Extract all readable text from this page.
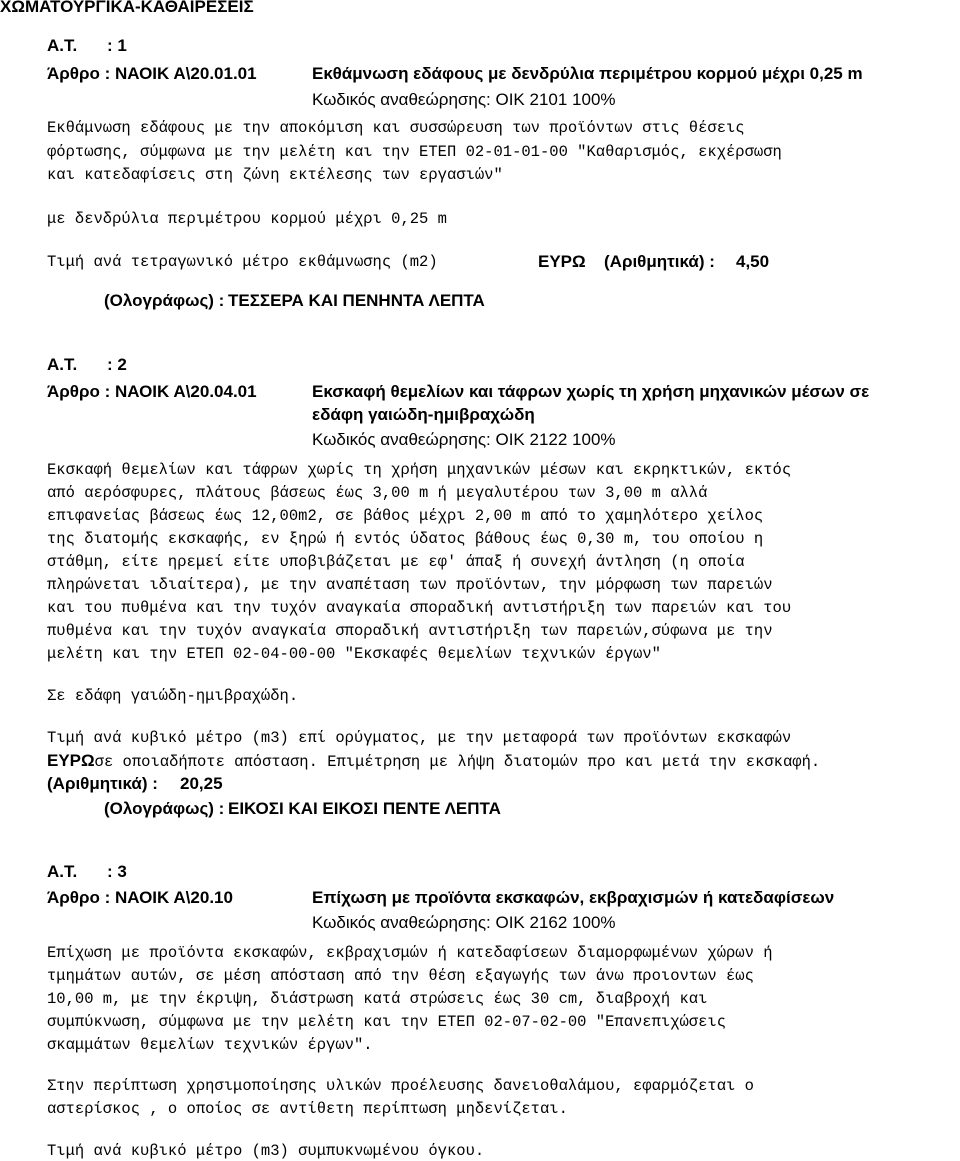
ΧΩΜΑΤΟΥΡΓΙΚΑ-ΚΑΘΑΙΡΕΣΕΙΣ
Α.Τ. : 1
Άρθρο : ΝΑΟΙΚ Α\20.01.01	Εκθάμνωση εδάφους με δενδρύλια περιμέτρου κορμού μέχρι 0,25 m
Κωδικός αναθεώρησης: ΟΙΚ 2101 100%
Εκθάμνωση εδάφους με την αποκόμιση και συσσώρευση των προϊόντων στις θέσεις
φόρτωσης, σύμφωνα με την μελέτη και την ΕΤΕΠ 02-01-01-00 "Καθαρισμός, εκχέρσωση
και κατεδαφίσεις στη ζώνη εκτέλεσης των εργασιών"
με δενδρύλια περιμέτρου κορμού μέχρι 0,25 m
Τιμή ανά τετραγωνικό μέτρο εκθάμνωσης (m2)	ΕΥΡΩ (Αριθμητικά) : 4,50
(Ολογράφως) : ΤΕΣΣΕΡΑ ΚΑΙ ΠΕΝΗΝΤΑ ΛΕΠΤΑ
Α.Τ. : 2
Άρθρο : ΝΑΟΙΚ Α\20.04.01	Εκσκαφή θεμελίων και τάφρων χωρίς τη χρήση μηχανικών μέσων σε
εδάφη γαιώδη-ημιβραχώδη
Κωδικός αναθεώρησης: ΟΙΚ 2122 100%
Εκσκαφή θεμελίων και τάφρων χωρίς τη χρήση μηχανικών μέσων και εκρηκτικών, εκτός
από αερόσφυρες, πλάτους βάσεως έως 3,00 m ή μεγαλυτέρου των 3,00 m αλλά
επιφανείας βάσεως έως 12,00m2, σε βάθος μέχρι 2,00 m από το χαμηλότερο χείλος
της διατομής εκσκαφής, εν ξηρώ ή εντός ύδατος βάθους έως 0,30 m, του οποίου η
στάθμη, είτε ηρεμεί είτε υποβιβάζεται με εφ' άπαξ ή συνεχή άντληση (η οποία
πληρώνεται ιδιαίτερα), με την αναπέταση των προϊόντων, την μόρφωση των παρειών
και του πυθμένα και την τυχόν αναγκαία σποραδική αντιστήριξη των παρειών και του
πυθμένα και την τυχόν αναγκαία σποραδική αντιστήριξη των παρειών,σύφωνα με την
μελέτη και την ΕΤΕΠ 02-04-00-00 "Εκσκαφές θεμελίων τεχνικών έργων"
Σε εδάφη γαιώδη-ημιβραχώδη.
Τιμή ανά κυβικό μέτρο (m3) επί ορύγματος, με την μεταφορά των προϊόντων εκσκαφών
ΕΥΡΩσε οποιαδήποτε απόσταση. Επιμέτρηση με λήψη διατομών προ και μετά την εκσκαφή.
(Αριθμητικά) : 20,25
(Ολογράφως) : ΕΙΚΟΣΙ ΚΑΙ ΕΙΚΟΣΙ ΠΕΝΤΕ ΛΕΠΤΑ
Α.Τ. : 3
Άρθρο : ΝΑΟΙΚ Α\20.10	Επίχωση με προϊόντα εκσκαφών, εκβραχισμών ή κατεδαφίσεων
Κωδικός αναθεώρησης: ΟΙΚ 2162 100%
Επίχωση με προϊόντα εκσκαφών, εκβραχισμών ή κατεδαφίσεων διαμορφωμένων χώρων ή
τμημάτων αυτών, σε μέση απόσταση από την θέση εξαγωγής των άνω προιοντων έως
10,00 m, με την έκριψη, διάστρωση κατά στρώσεις έως 30 cm, διαβροχή και
συμπύκνωση, σύμφωνα με την μελέτη και την ΕΤΕΠ 02-07-02-00 "Επανεπιχώσεις
σκαμμάτων θεμελίων τεχνικών έργων".
Στην περίπτωση χρησιμοποίησης υλικών προέλευσης δανειοθαλάμου, εφαρμόζεται ο
αστερίσκος , ο οποίος σε αντίθετη περίπτωση μηδενίζεται.
Τιμή ανά κυβικό μέτρο (m3) συμπυκνωμένου όγκου.
